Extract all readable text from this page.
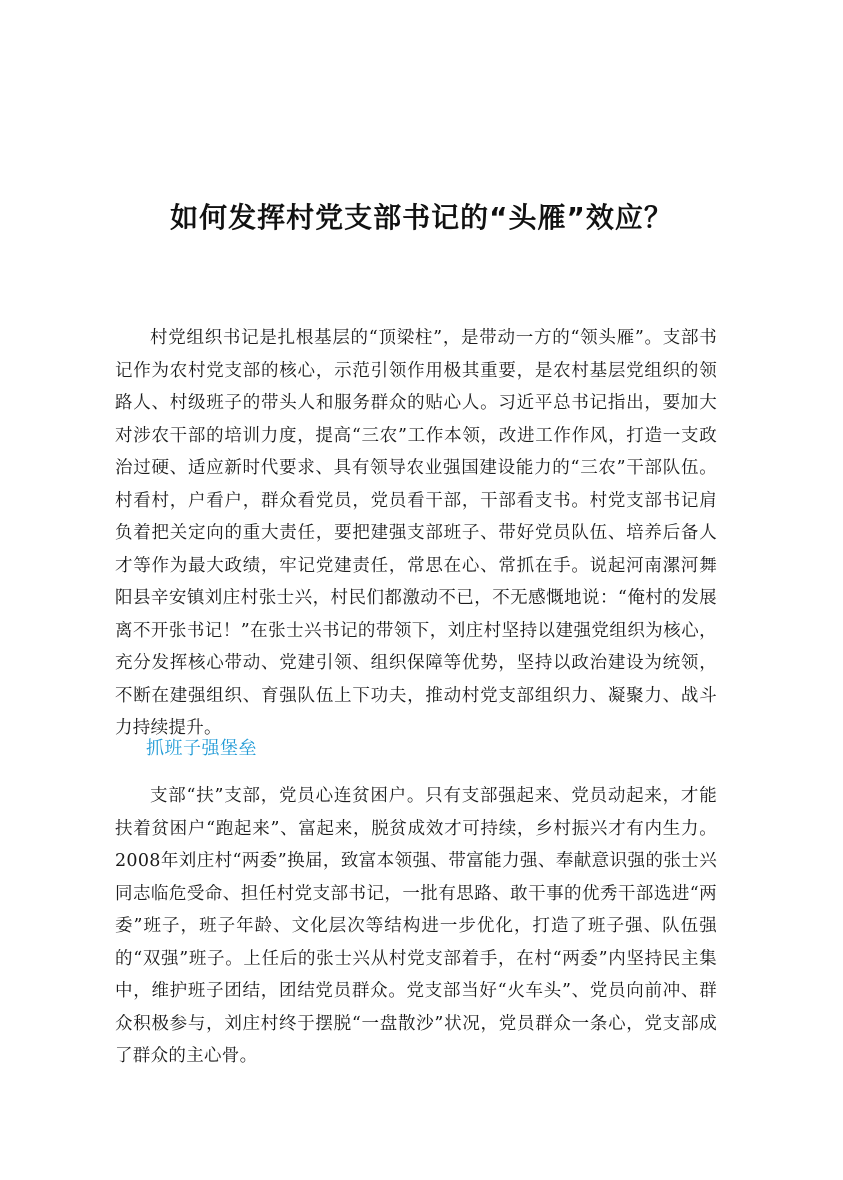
如何发挥村党支部书记的“头雁”效应？

村党组织书记是扎根基层的“顶梁柱”，是带动一方的“领头雁”。支部书记作为农村党支部的核心，示范引领作用极其重要，是农村基层党组织的领路人、村级班子的带头人和服务群众的贴心人。习近平总书记指出，要加大对涉农干部的培训力度，提高“三农”工作本领，改进工作作风，打造一支政治过硬、适应新时代要求、具有领导农业强国建设能力的“三农”干部队伍。村看村，户看户，群众看党员，党员看干部，干部看支书。村党支部书记肩负着把关定向的重大责任，要把建强支部班子、带好党员队伍、培养后备人才等作为最大政绩，牢记党建责任，常思在心、常抓在手。说起河南漯河舞阳县辛安镇刘庄村张士兴，村民们都激动不已，不无感慨地说：“俺村的发展离不开张书记！”在张士兴书记的带领下，刘庄村坚持以建强党组织为核心，充分发挥核心带动、党建引领、组织保障等优势，坚持以政治建设为统领，不断在建强组织、育强队伍上下功夫，推动村党支部组织力、凝聚力、战斗力持续提升。

抓班子强堡垒

支部“扶”支部，党员心连贫困户。只有支部强起来、党员动起来，才能扶着贫困户“跑起来”、富起来，脱贫成效才可持续，乡村振兴才有内生力。2008年刘庄村“两委”换届，致富本领强、带富能力强、奉献意识强的张士兴同志临危受命、担任村党支部书记，一批有思路、敢干事的优秀干部选进“两委”班子，班子年龄、文化层次等结构进一步优化，打造了班子强、队伍强的“双强”班子。上任后的张士兴从村党支部着手，在村“两委”内坚持民主集中，维护班子团结，团结党员群众。党支部当好“火车头”、党员向前冲、群众积极参与，刘庄村终于摆脱“一盘散沙”状况，党员群众一条心，党支部成了群众的主心骨。
